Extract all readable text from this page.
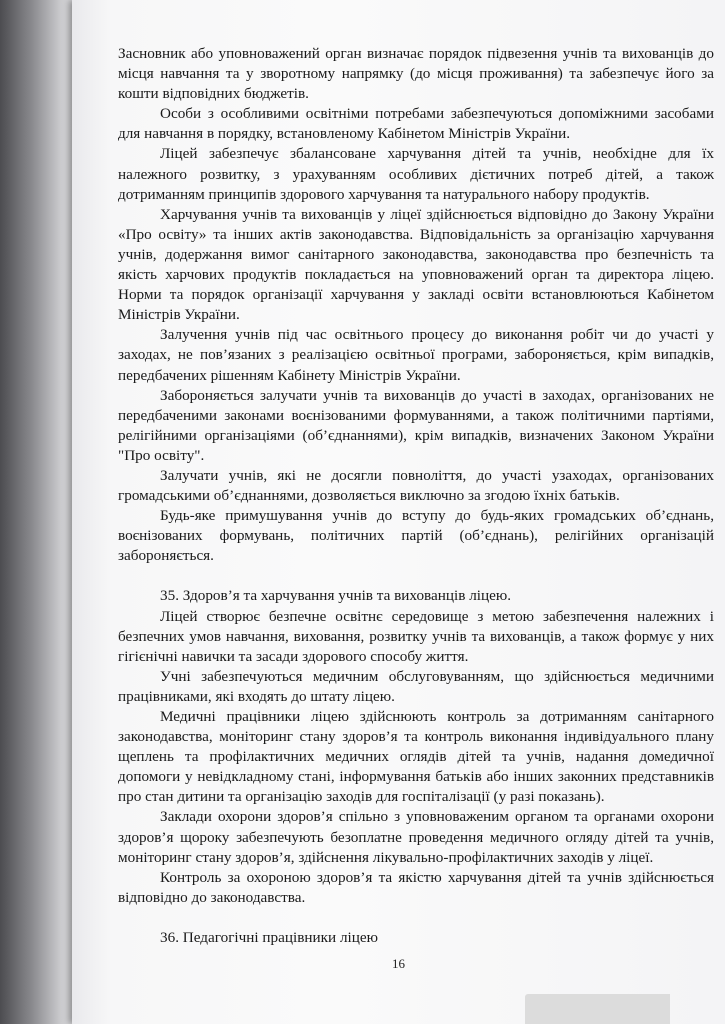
Засновник або уповноважений орган визначає порядок підвезення учнів та вихованців до місця навчання та у зворотному напрямку (до місця проживання) та забезпечує його за кошти відповідних бюджетів.

Особи з особливими освітніми потребами забезпечуються допоміжними засобами для навчання в порядку, встановленому Кабінетом Міністрів України.

Ліцей забезпечує збалансоване харчування дітей та учнів, необхідне для їх належного розвитку, з урахуванням особливих дієтичних потреб дітей, а також дотриманням принципів здорового харчування та натурального набору продуктів.

Харчування учнів та вихованців у ліцеї здійснюється відповідно до Закону України «Про освіту» та інших актів законодавства. Відповідальність за організацію харчування учнів, додержання вимог санітарного законодавства, законодавства про безпечність та якість харчових продуктів покладається на уповноважений орган та директора ліцею. Норми та порядок організації харчування у закладі освіти встановлюються Кабінетом Міністрів України.

Залучення учнів під час освітнього процесу до виконання робіт чи до участі у заходах, не пов’язаних з реалізацією освітньої програми, забороняється, крім випадків, передбачених рішенням Кабінету Міністрів України.

Забороняється залучати учнів та вихованців до участі в заходах, організованих не передбаченими законами воєнізованими формуваннями, а також політичними партіями, релігійними організаціями (об’єднаннями), крім випадків, визначених Законом України "Про освіту".

Залучати учнів, які не досягли повноліття, до участі узаходах, організованих громадськими об’єднаннями, дозволяється виключно за згодою їхніх батьків.

Будь-яке примушування учнів до вступу до будь-яких громадських об’єднань, воєнізованих формувань, політичних партій (об’єднань), релігійних організацій забороняється.

35. Здоров’я та харчування учнів та вихованців ліцею.

Ліцей створює безпечне освітнє середовище з метою забезпечення належних і безпечних умов навчання, виховання, розвитку учнів та вихованців, а також формує у них гігієнічні навички та засади здорового способу життя.

Учні забезпечуються медичним обслуговуванням, що здійснюється медичними працівниками, які входять до штату ліцею.

Медичні працівники ліцею здійснюють контроль за дотриманням санітарного законодавства, моніторинг стану здоров’я та контроль виконання індивідуального плану щеплень та профілактичних медичних оглядів дітей та учнів, надання домедичної допомоги у невідкладному стані, інформування батьків або інших законних представників про стан дитини та організацію заходів для госпіталізації (у разі показань).

Заклади охорони здоров’я спільно з уповноваженим органом та органами охорони здоров’я щороку забезпечують безоплатне проведення медичного огляду дітей та учнів, моніторинг стану здоров’я, здійснення лікувально-профілактичних заходів у ліцеї.

Контроль за охороною здоров’я та якістю харчування дітей та учнів здійснюється відповідно до законодавства.

36. Педагогічні працівники ліцею

16
